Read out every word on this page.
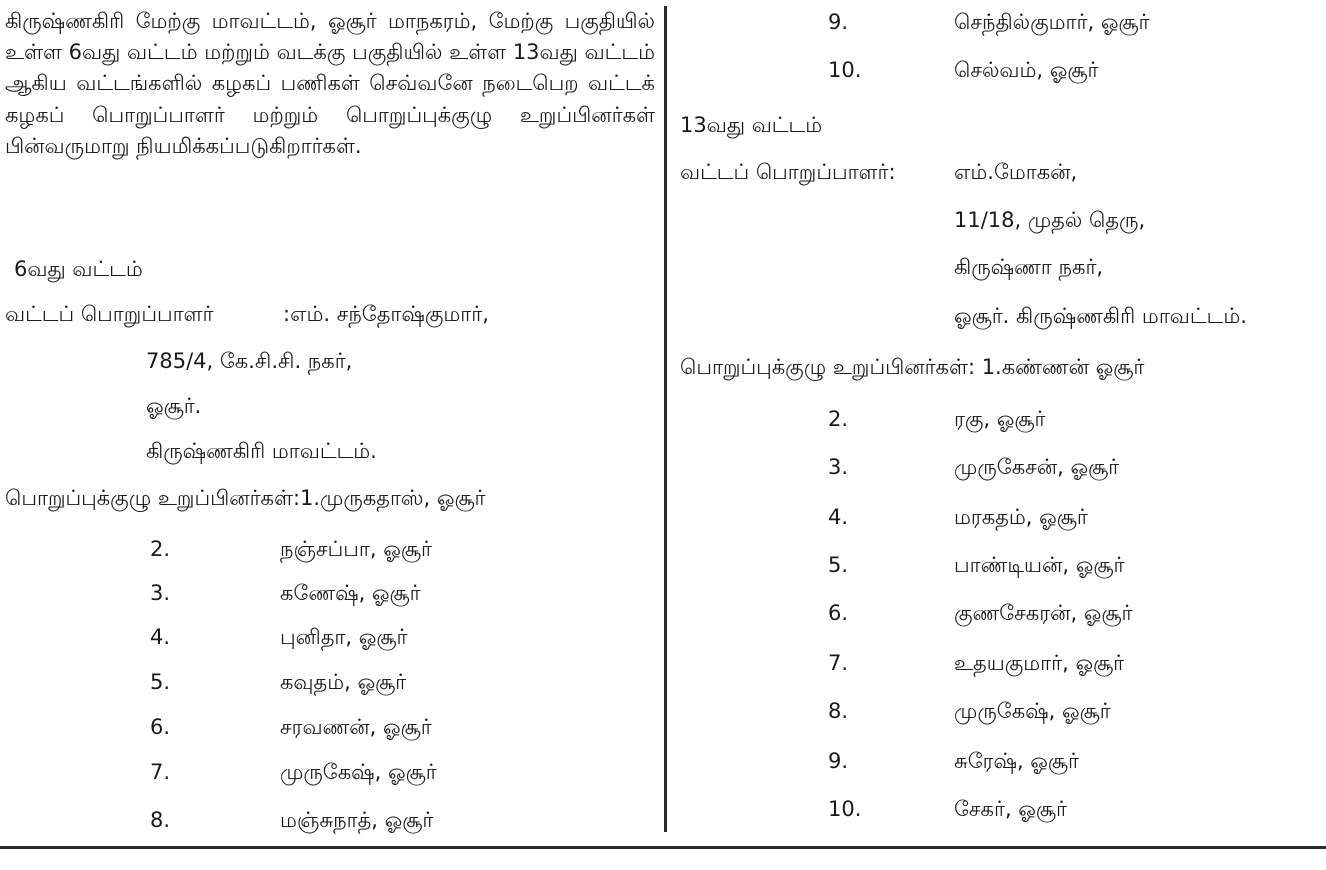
கிருஷ்ணகிரி மேற்கு மாவட்டம், ஓசூர் மாநகரம், மேற்கு பகுதியில் உள்ள 6வது வட்டம் மற்றும் வடக்கு பகுதியில் உள்ள 13வது வட்டம் ஆகிய வட்டங்களில் கழகப் பணிகள் செவ்வனே நடைபெற வட்டக் கழகப் பொறுப்பாளர் மற்றும் பொறுப்புக்குழு உறுப்பினர்கள் பின்வருமாறு நியமிக்கப்படுகிறார்கள்.

6வது வட்டம்
வட்டப் பொறுப்பாளர்	:எம். சந்தோஷ்குமார்,
785/4, கே.சி.சி. நகர்,
ஓசூர்.
கிருஷ்ணகிரி மாவட்டம்.
பொறுப்புக்குழு உறுப்பினர்கள்:1.முருகதாஸ், ஓசூர்
2.	நஞ்சப்பா, ஓசூர்
3.	கணேஷ், ஓசூர்
4.	புனிதா, ஓசூர்
5.	கவுதம், ஓசூர்
6.	சரவணன், ஓசூர்
7.	முருகேஷ், ஓசூர்
8.	மஞ்சுநாத், ஓசூர்
9.	செந்தில்குமார், ஓசூர்
10.	செல்வம், ஓசூர்
13வது வட்டம்
வட்டப் பொறுப்பாளர்:	எம்.மோகன்,
11/18, முதல் தெரு,
கிருஷ்ணா நகர்,
ஓசூர். கிருஷ்ணகிரி மாவட்டம்.
பொறுப்புக்குழு உறுப்பினர்கள்: 1.கண்ணன் ஓசூர்
2.	ரகு, ஓசூர்
3.	முருகேசன், ஓசூர்
4.	மரகதம், ஓசூர்
5.	பாண்டியன், ஓசூர்
6.	குணசேகரன், ஓசூர்
7.	உதயகுமார், ஓசூர்
8.	முருகேஷ், ஓசூர்
9.	சுரேஷ், ஓசூர்
10.	சேகர், ஓசூர்
